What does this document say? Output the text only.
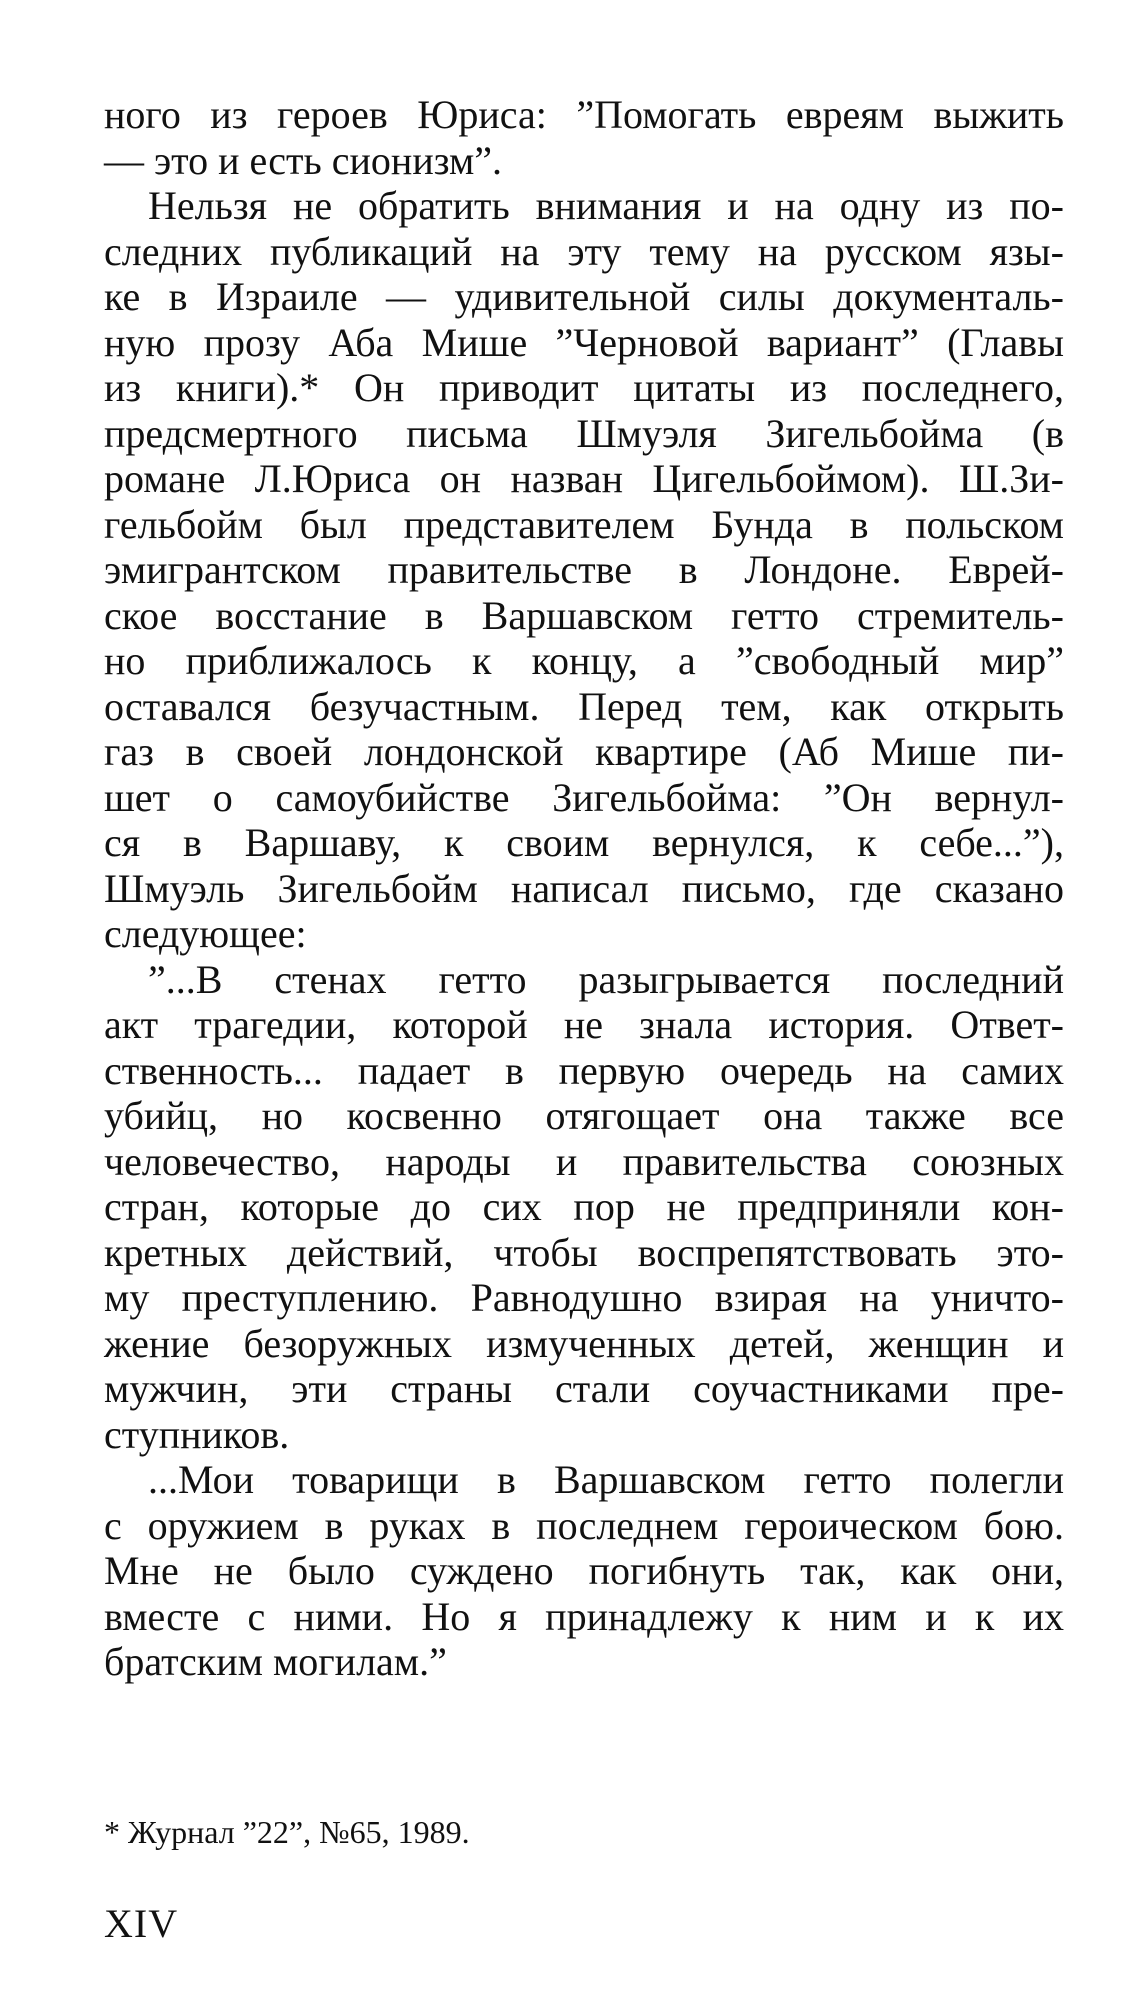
ного из героев Юриса: ”Помогать евреям выжить
— это и есть сионизм”.
Нельзя не обратить внимания и на одну из по-
следних публикаций на эту тему на русском язы-
ке в Израиле — удивительной силы документаль-
ную прозу Аба Мише ”Черновой вариант” (Главы
из книги).* Он приводит цитаты из последнего,
предсмертного письма Шмуэля Зигельбойма (в
романе Л.Юриса он назван Цигельбоймом). Ш.Зи-
гельбойм был представителем Бунда в польском
эмигрантском правительстве в Лондоне. Еврей-
ское восстание в Варшавском гетто стремитель-
но приближалось к концу, а ”свободный мир”
оставался безучастным. Перед тем, как открыть
газ в своей лондонской квартире (Аб Мише пи-
шет о самоубийстве Зигельбойма: ”Он вернул-
ся в Варшаву, к своим вернулся, к себе...”),
Шмуэль Зигельбойм написал письмо, где сказано
следующее:
”...В стенах гетто разыгрывается последний
акт трагедии, которой не знала история. Ответ-
ственность... падает в первую очередь на самих
убийц, но косвенно отягощает она также все
человечество, народы и правительства союзных
стран, которые до сих пор не предприняли кон-
кретных действий, чтобы воспрепятствовать это-
му преступлению. Равнодушно взирая на уничто-
жение безоружных измученных детей, женщин и
мужчин, эти страны стали соучастниками пре-
ступников.
...Мои товарищи в Варшавском гетто полегли
с оружием в руках в последнем героическом бою.
Мне не было суждено погибнуть так, как они,
вместе с ними. Но я принадлежу к ним и к их
братским могилам.”
* Журнал ”22”, №65, 1989.
XIV
